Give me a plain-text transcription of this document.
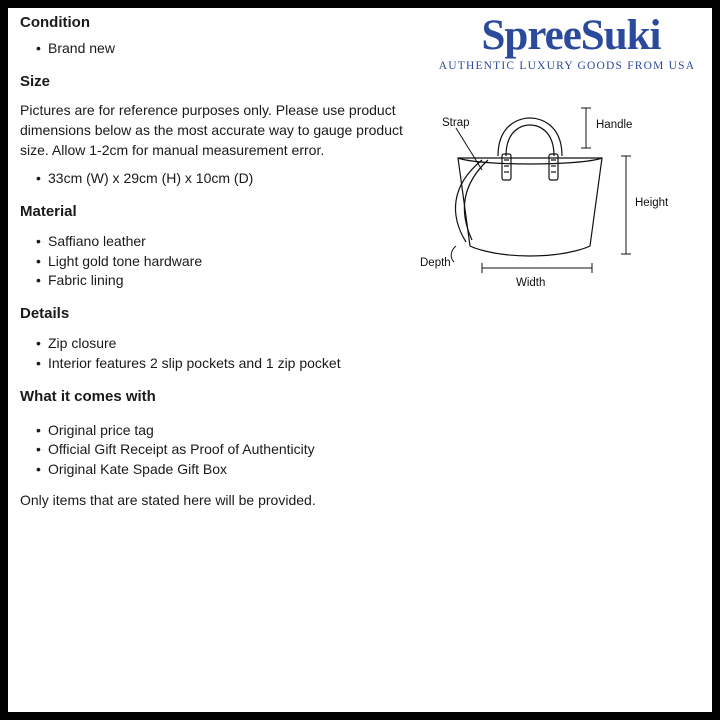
SpreeSuki
AUTHENTIC LUXURY GOODS FROM USA
Strap	Handle
Height
Depth
Width
Condition
• Brand new
Size

Pictures are for reference purposes only. Please use product dimensions below as the most accurate way to gauge product size. Allow 1-2cm for manual measurement error.

• 33cm (W) x 29cm (H) x 10cm (D)
Material
• Saffiano leather
• Light gold tone hardware
• Fabric lining
Details
• Zip closure
• Interior features 2 slip pockets and 1 zip pocket
What it comes with
• Original price tag
• Official Gift Receipt as Proof of Authenticity
• Original Kate Spade Gift Box
Only items that are stated here will be provided.
